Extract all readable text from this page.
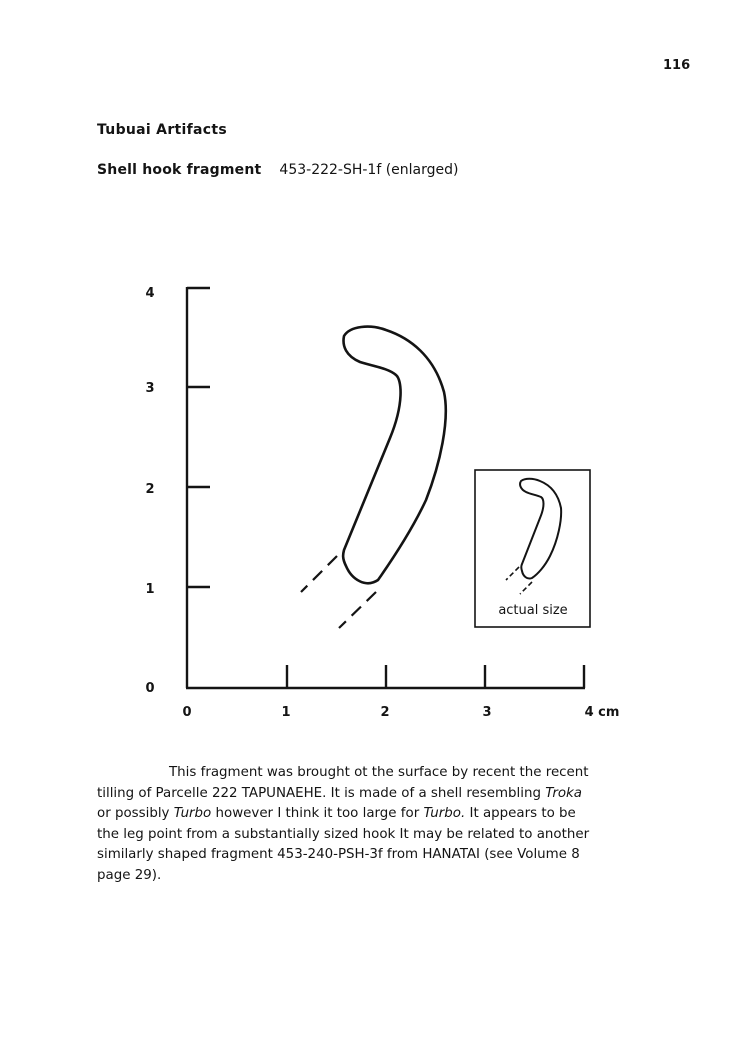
116
Tubuai Artifacts
Shell hook fragment 453-222-SH-1f (enlarged)
4
3
2
1
0
0	1	2	3	4 cm
actual size
This fragment was brought ot the surface by recent the recent
tilling of Parcelle 222 TAPUNAEHE. It is made of a shell resembling Troka
or possibly Turbo however I think it too large for Turbo. It appears to be
the leg point from a substantially sized hook It may be related to another
similarly shaped fragment 453-240-PSH-3f from HANATAI (see Volume 8
page 29).
